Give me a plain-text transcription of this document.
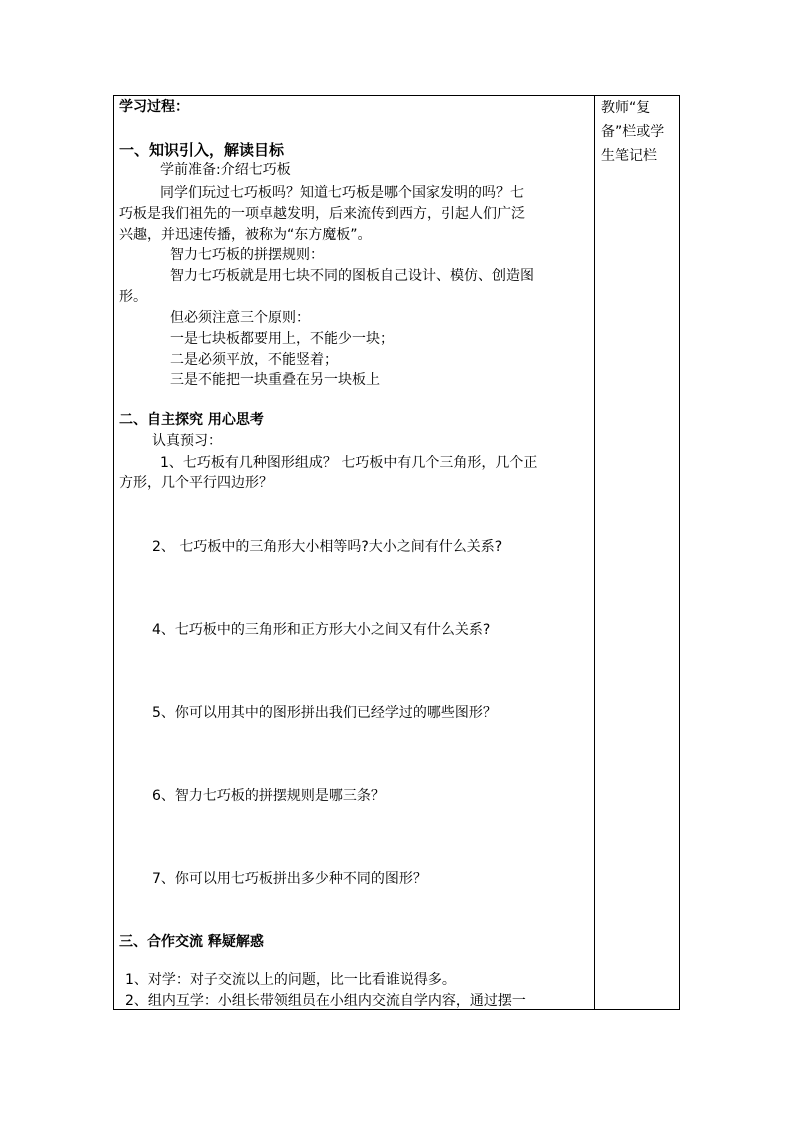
教师“复备”栏或学生笔记栏
学习过程：
一、知识引入，解读目标
学前准备:介绍七巧板
同学们玩过七巧板吗？知道七巧板是哪个国家发明的吗？七
巧板是我们祖先的一项卓越发明，后来流传到西方，引起人们广泛
兴趣，并迅速传播，被称为“东方魔板”。
智力七巧板的拼摆规则：
智力七巧板就是用七块不同的图板自己设计、模仿、创造图
形。
但必须注意三个原则：
一是七块板都要用上，不能少一块；
二是必须平放，不能竖着；
三是不能把一块重叠在另一块板上
二、自主探究 用心思考
认真预习：
1、七巧板有几种图形组成？ 七巧板中有几个三角形，几个正
方形，几个平行四边形？
2、 七巧板中的三角形大小相等吗?大小之间有什么关系?
4、七巧板中的三角形和正方形大小之间又有什么关系?
5、你可以用其中的图形拼出我们已经学过的哪些图形？
6、智力七巧板的拼摆规则是哪三条？
7、你可以用七巧板拼出多少种不同的图形？
三、合作交流 释疑解惑
1、对学：对子交流以上的问题，比一比看谁说得多。
2、组内互学：小组长带领组员在小组内交流自学内容，通过摆一
